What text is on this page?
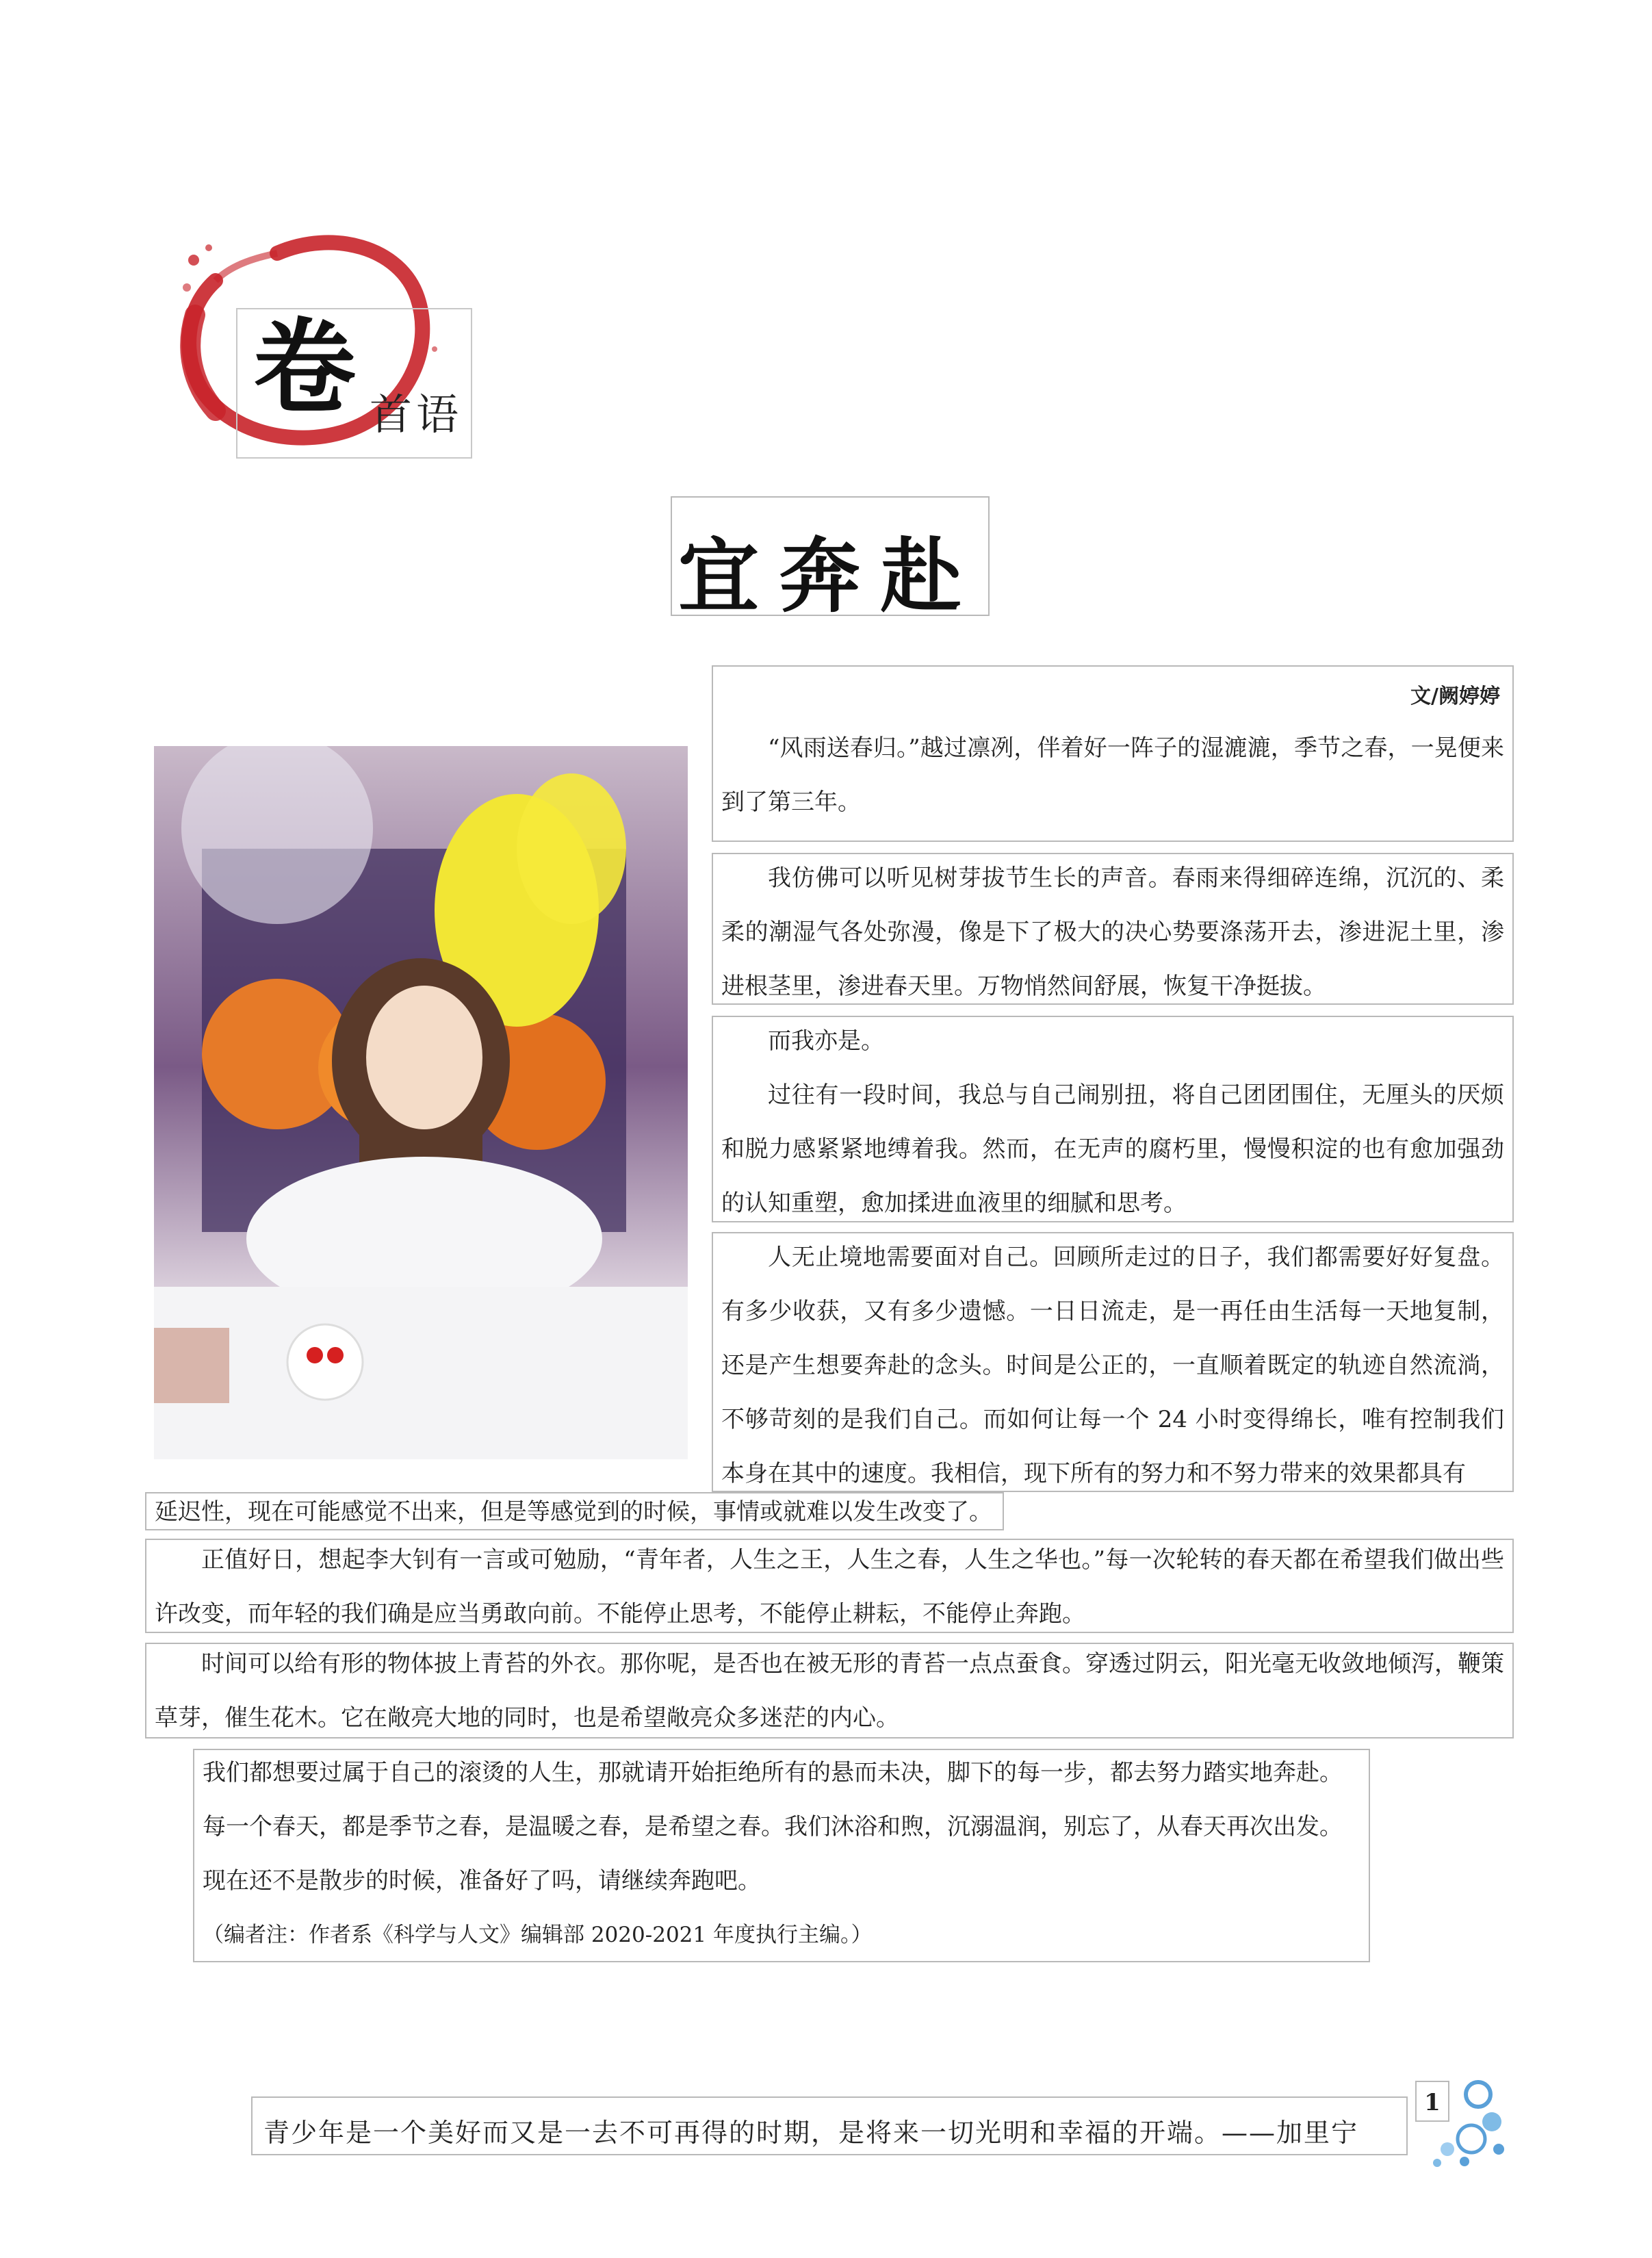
卷 首语
宜奔赴
文/阙婷婷

“风雨送春归。”越过凛冽，伴着好一阵子的湿漉漉，季节之春，一晃便来到了第三年。

我仿佛可以听见树芽拔节生长的声音。春雨来得细碎连绵，沉沉的、柔柔的潮湿气各处弥漫，像是下了极大的决心势要涤荡开去，渗进泥土里，渗进根茎里，渗进春天里。万物悄然间舒展，恢复干净挺拔。

而我亦是。

过往有一段时间，我总与自己闹别扭，将自己团团围住，无厘头的厌烦和脱力感紧紧地缚着我。然而，在无声的腐朽里，慢慢积淀的也有愈加强劲的认知重塑，愈加揉进血液里的细腻和思考。

人无止境地需要面对自己。回顾所走过的日子，我们都需要好好复盘。有多少收获，又有多少遗憾。一日日流走，是一再任由生活每一天地复制，还是产生想要奔赴的念头。时间是公正的，一直顺着既定的轨迹自然流淌，不够苛刻的是我们自己。而如何让每一个 24 小时变得绵长，唯有控制我们本身在其中的速度。我相信，现下所有的努力和不努力带来的效果都具有

延迟性，现在可能感觉不出来，但是等感觉到的时候，事情或就难以发生改变了。

正值好日，想起李大钊有一言或可勉励，“青年者，人生之王，人生之春，人生之华也。”每一次轮转的春天都在希望我们做出些许改变，而年轻的我们确是应当勇敢向前。不能停止思考，不能停止耕耘，不能停止奔跑。

时间可以给有形的物体披上青苔的外衣。那你呢，是否也在被无形的青苔一点点蚕食。穿透过阴云，阳光毫无收敛地倾泻，鞭策草芽，催生花木。它在敞亮大地的同时，也是希望敞亮众多迷茫的内心。

我们都想要过属于自己的滚烫的人生，那就请开始拒绝所有的悬而未决，脚下的每一步，都去努力踏实地奔赴。

每一个春天，都是季节之春，是温暖之春，是希望之春。我们沐浴和煦，沉溺温润，别忘了，从春天再次出发。

现在还不是散步的时候，准备好了吗，请继续奔跑吧。

（编者注：作者系《科学与人文》编辑部 2020-2021 年度执行主编。）

青少年是一个美好而又是一去不可再得的时期，是将来一切光明和幸福的开端。——加里宁
1
